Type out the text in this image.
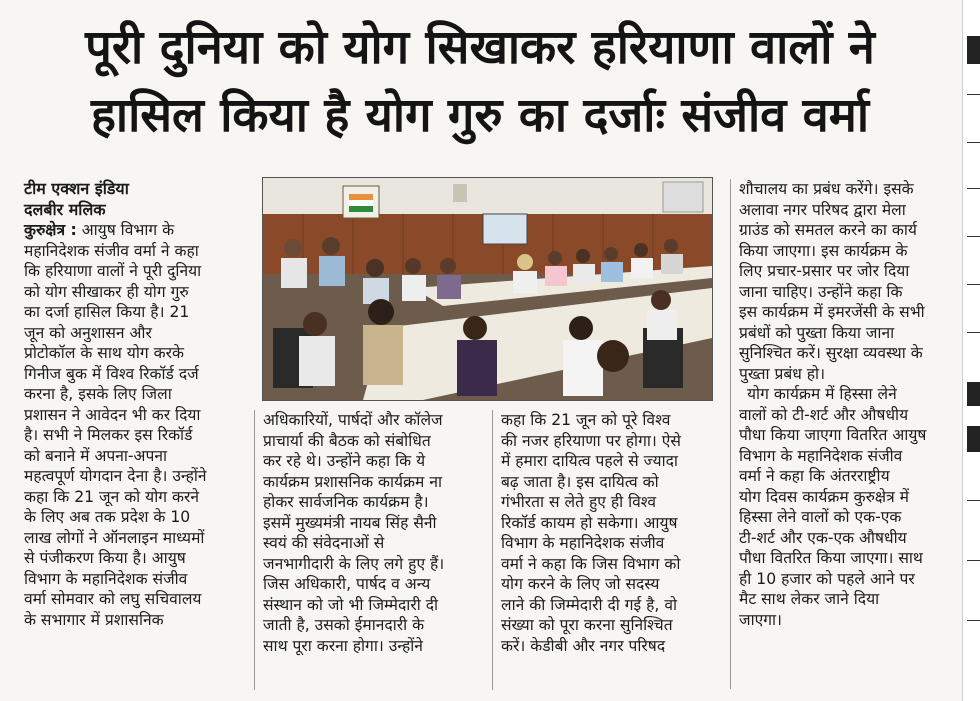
पूरी दुनिया को योग सिखाकर हरियाणा वालों ने
हासिल किया है योग गुरु का दर्जाः संजीव वर्मा

टीम एक्शन इंडिया

दलबीर मलिक

कुरुक्षेत्र : आयुष विभाग के

महानिदेशक संजीव वर्मा ने कहा

कि हरियाणा वालों ने पूरी दुनिया

को योग सीखाकर ही योग गुरु

का दर्जा हासिल किया है। 21

जून को अनुशासन और

प्रोटोकॉल के साथ योग करके

गिनीज बुक में विश्व रिकॉर्ड दर्ज

करना है, इसके लिए जिला

प्रशासन ने आवेदन भी कर दिया

है। सभी ने मिलकर इस रिकॉर्ड

को बनाने में अपना-अपना

महत्वपूर्ण योगदान देना है। उन्होंने

कहा कि 21 जून को योग करने

के लिए अब तक प्रदेश के 10

लाख लोगों ने ऑनलाइन माध्यमों

से पंजीकरण किया है। आयुष

विभाग के महानिदेशक संजीव

वर्मा सोमवार को लघु सचिवालय

के सभागार में प्रशासनिक

अधिकारियों, पार्षदों और कॉलेज

प्राचार्या की बैठक को संबोधित

कर रहे थे। उन्होंने कहा कि ये

कार्यक्रम प्रशासनिक कार्यक्रम ना

होकर सार्वजनिक कार्यक्रम है।

इसमें मुख्यमंत्री नायब सिंह सैनी

स्वयं की संवेदनाओं से

जनभागीदारी के लिए लगे हुए हैं।

जिस अधिकारी, पार्षद व अन्य

संस्थान को जो भी जिम्मेदारी दी

जाती है, उसको ईमानदारी के

साथ पूरा करना होगा। उन्होंने

कहा कि 21 जून को पूरे विश्व

की नजर हरियाणा पर होगा। ऐसे

में हमारा दायित्व पहले से ज्यादा

बढ़ जाता है। इस दायित्व को

गंभीरता स लेते हुए ही विश्व

रिकॉर्ड कायम हो सकेगा। आयुष

विभाग के महानिदेशक संजीव

वर्मा ने कहा कि जिस विभाग को

योग करने के लिए जो सदस्य

लाने की जिम्मेदारी दी गई है, वो

संख्या को पूरा करना सुनिश्चित

करें। केडीबी और नगर परिषद

शौचालय का प्रबंध करेंगे। इसके

अलावा नगर परिषद द्वारा मेला

ग्राउंड को समतल करने का कार्य

किया जाएगा। इस कार्यक्रम के

लिए प्रचार-प्रसार पर जोर दिया

जाना चाहिए। उन्होंने कहा कि

इस कार्यक्रम में इमरजेंसी के सभी

प्रबंधों को पुख्ता किया जाना

सुनिश्चित करें। सुरक्षा व्यवस्था के

पुख्ता प्रबंध हो।

योग कार्यक्रम में हिस्सा लेने

वालों को टी-शर्ट और औषधीय

पौधा किया जाएगा वितरित आयुष

विभाग के महानिदेशक संजीव

वर्मा ने कहा कि अंतरराष्ट्रीय

योग दिवस कार्यक्रम कुरुक्षेत्र में

हिस्सा लेने वालों को एक-एक

टी-शर्ट और एक-एक औषधीय

पौधा वितरित किया जाएगा। साथ

ही 10 हजार को पहले आने पर

मैट साथ लेकर जाने दिया

जाएगा।
